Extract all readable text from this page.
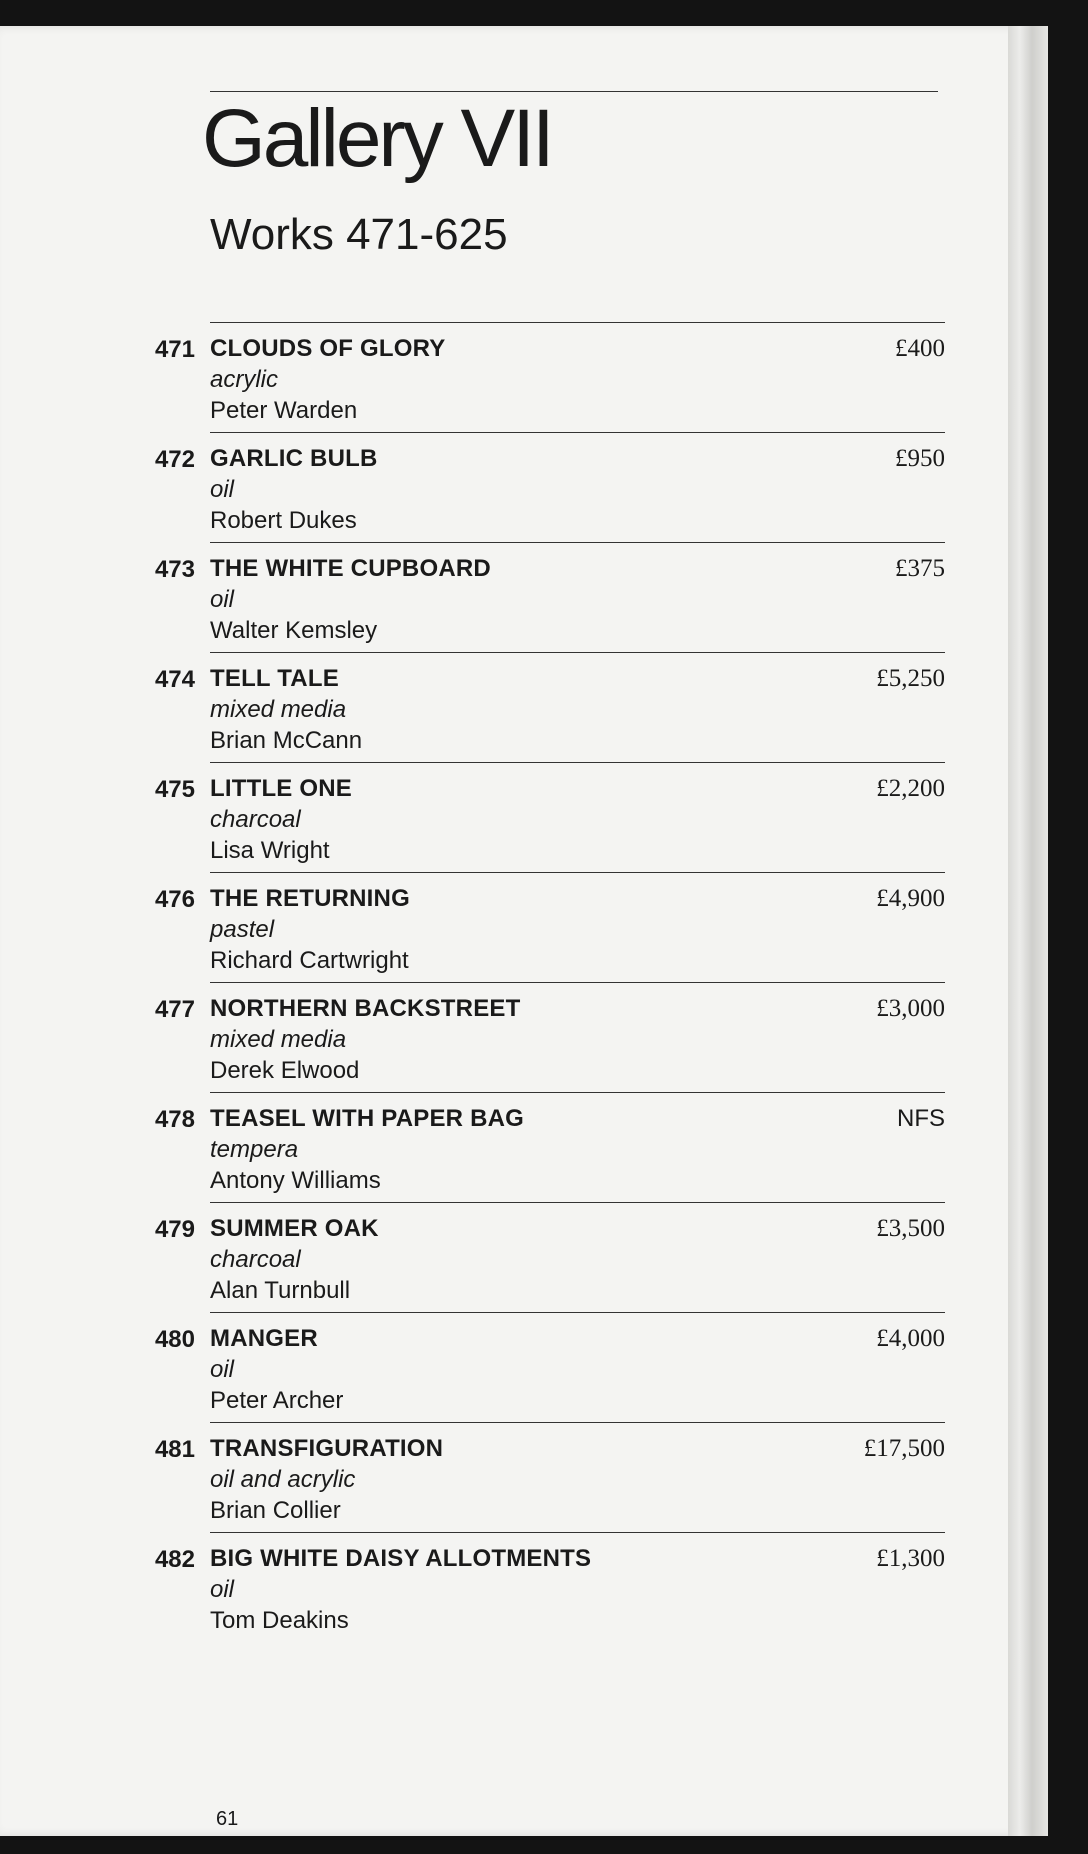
Gallery VII
Works 471-625
471 CLOUDS OF GLORY
acrylic
Peter Warden
£400
472 GARLIC BULB
oil
Robert Dukes
£950
473 THE WHITE CUPBOARD
oil
Walter Kemsley
£375
474 TELL TALE
mixed media
Brian McCann
£5,250
475 LITTLE ONE
charcoal
Lisa Wright
£2,200
476 THE RETURNING
pastel
Richard Cartwright
£4,900
477 NORTHERN BACKSTREET
mixed media
Derek Elwood
£3,000
478 TEASEL WITH PAPER BAG
tempera
Antony Williams
NFS
479 SUMMER OAK
charcoal
Alan Turnbull
£3,500
480 MANGER
oil
Peter Archer
£4,000
481 TRANSFIGURATION
oil and acrylic
Brian Collier
£17,500
482 BIG WHITE DAISY ALLOTMENTS
oil
Tom Deakins
£1,300
61
